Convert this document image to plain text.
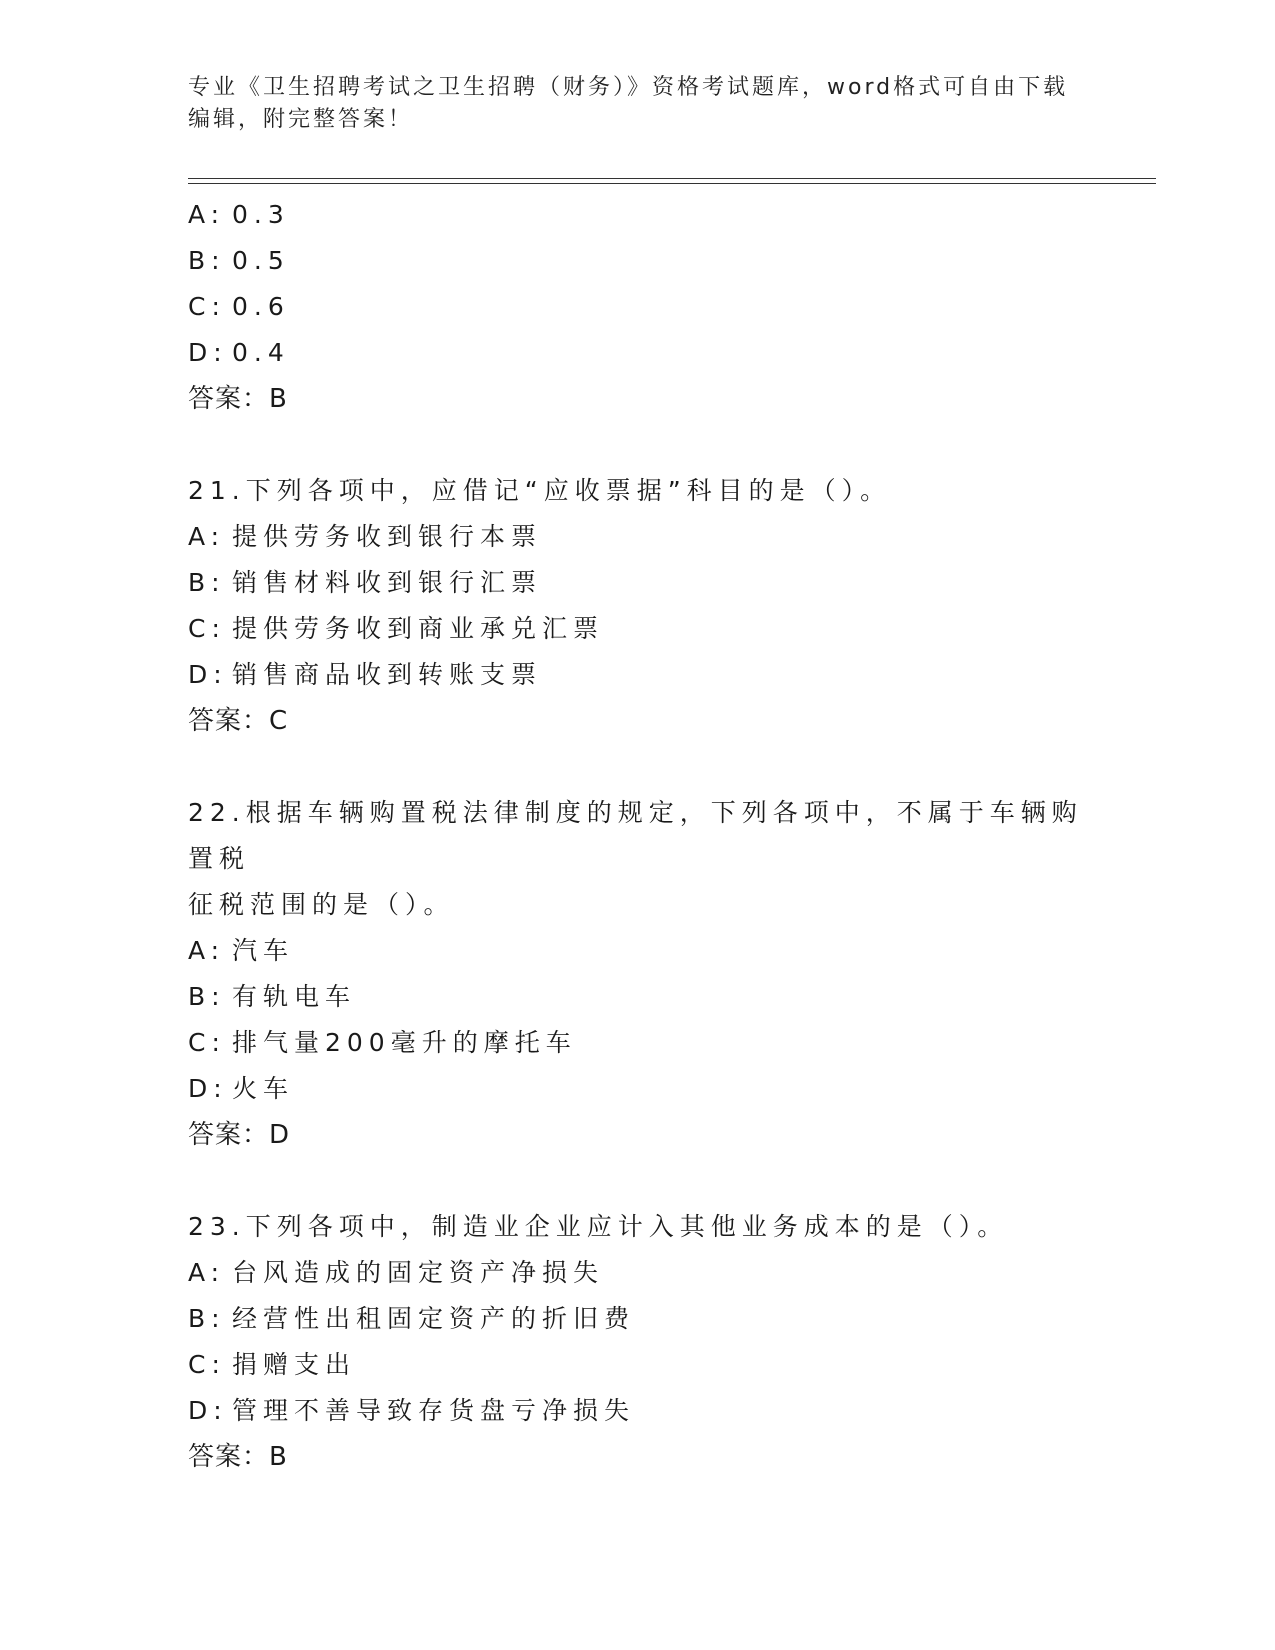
专业《卫生招聘考试之卫生招聘（财务）》资格考试题库，word格式可自由下载
编辑，附完整答案！
A: 0.3
B: 0.5
C: 0.6
D: 0.4
答案：B
21.下列各项中，应借记“应收票据”科目的是（）。
A: 提供劳务收到银行本票
B: 销售材料收到银行汇票
C: 提供劳务收到商业承兑汇票
D: 销售商品收到转账支票
答案：C
22.根据车辆购置税法律制度的规定，下列各项中，不属于车辆购置税
征税范围的是（）。
A: 汽车
B: 有轨电车
C: 排气量200毫升的摩托车
D: 火车
答案：D
23.下列各项中，制造业企业应计入其他业务成本的是（）。
A: 台风造成的固定资产净损失
B: 经营性出租固定资产的折旧费
C: 捐赠支出
D: 管理不善导致存货盘亏净损失
答案：B
